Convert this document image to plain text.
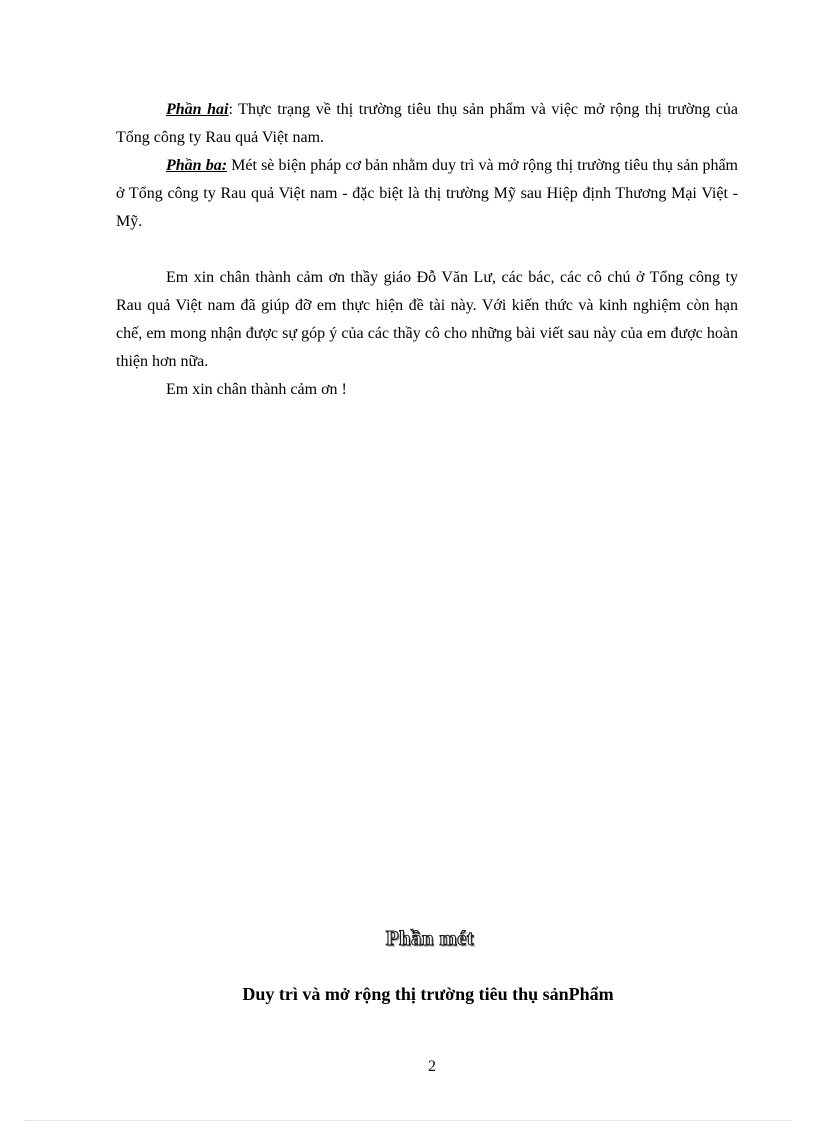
Phần hai: Thực trạng về thị trường tiêu thụ sản phẩm và việc mở rộng thị trường của Tổng công ty Rau quả Việt nam.

Phần ba: Mét sè biện pháp cơ bản nhằm duy trì và mở rộng thị trường tiêu thụ sản phẩm ở Tổng công ty Rau quả Việt nam - đặc biệt là thị trường Mỹ sau Hiệp định Thương Mại Việt - Mỹ.

Em xin chân thành cảm ơn thầy giáo Đỗ Văn Lư, các bác, các cô chú ở Tổng công ty Rau quả Việt nam đã giúp đỡ em thực hiện đề tài này. Với kiến thức và kinh nghiệm còn hạn chế, em mong nhận được sự góp ý của các thầy cô cho những bài viết sau này của em được hoàn thiện hơn nữa.

Em xin chân thành cảm ơn !

Phần mét
Duy trì và mở rộng thị trường tiêu thụ sảnPhẩm
2
